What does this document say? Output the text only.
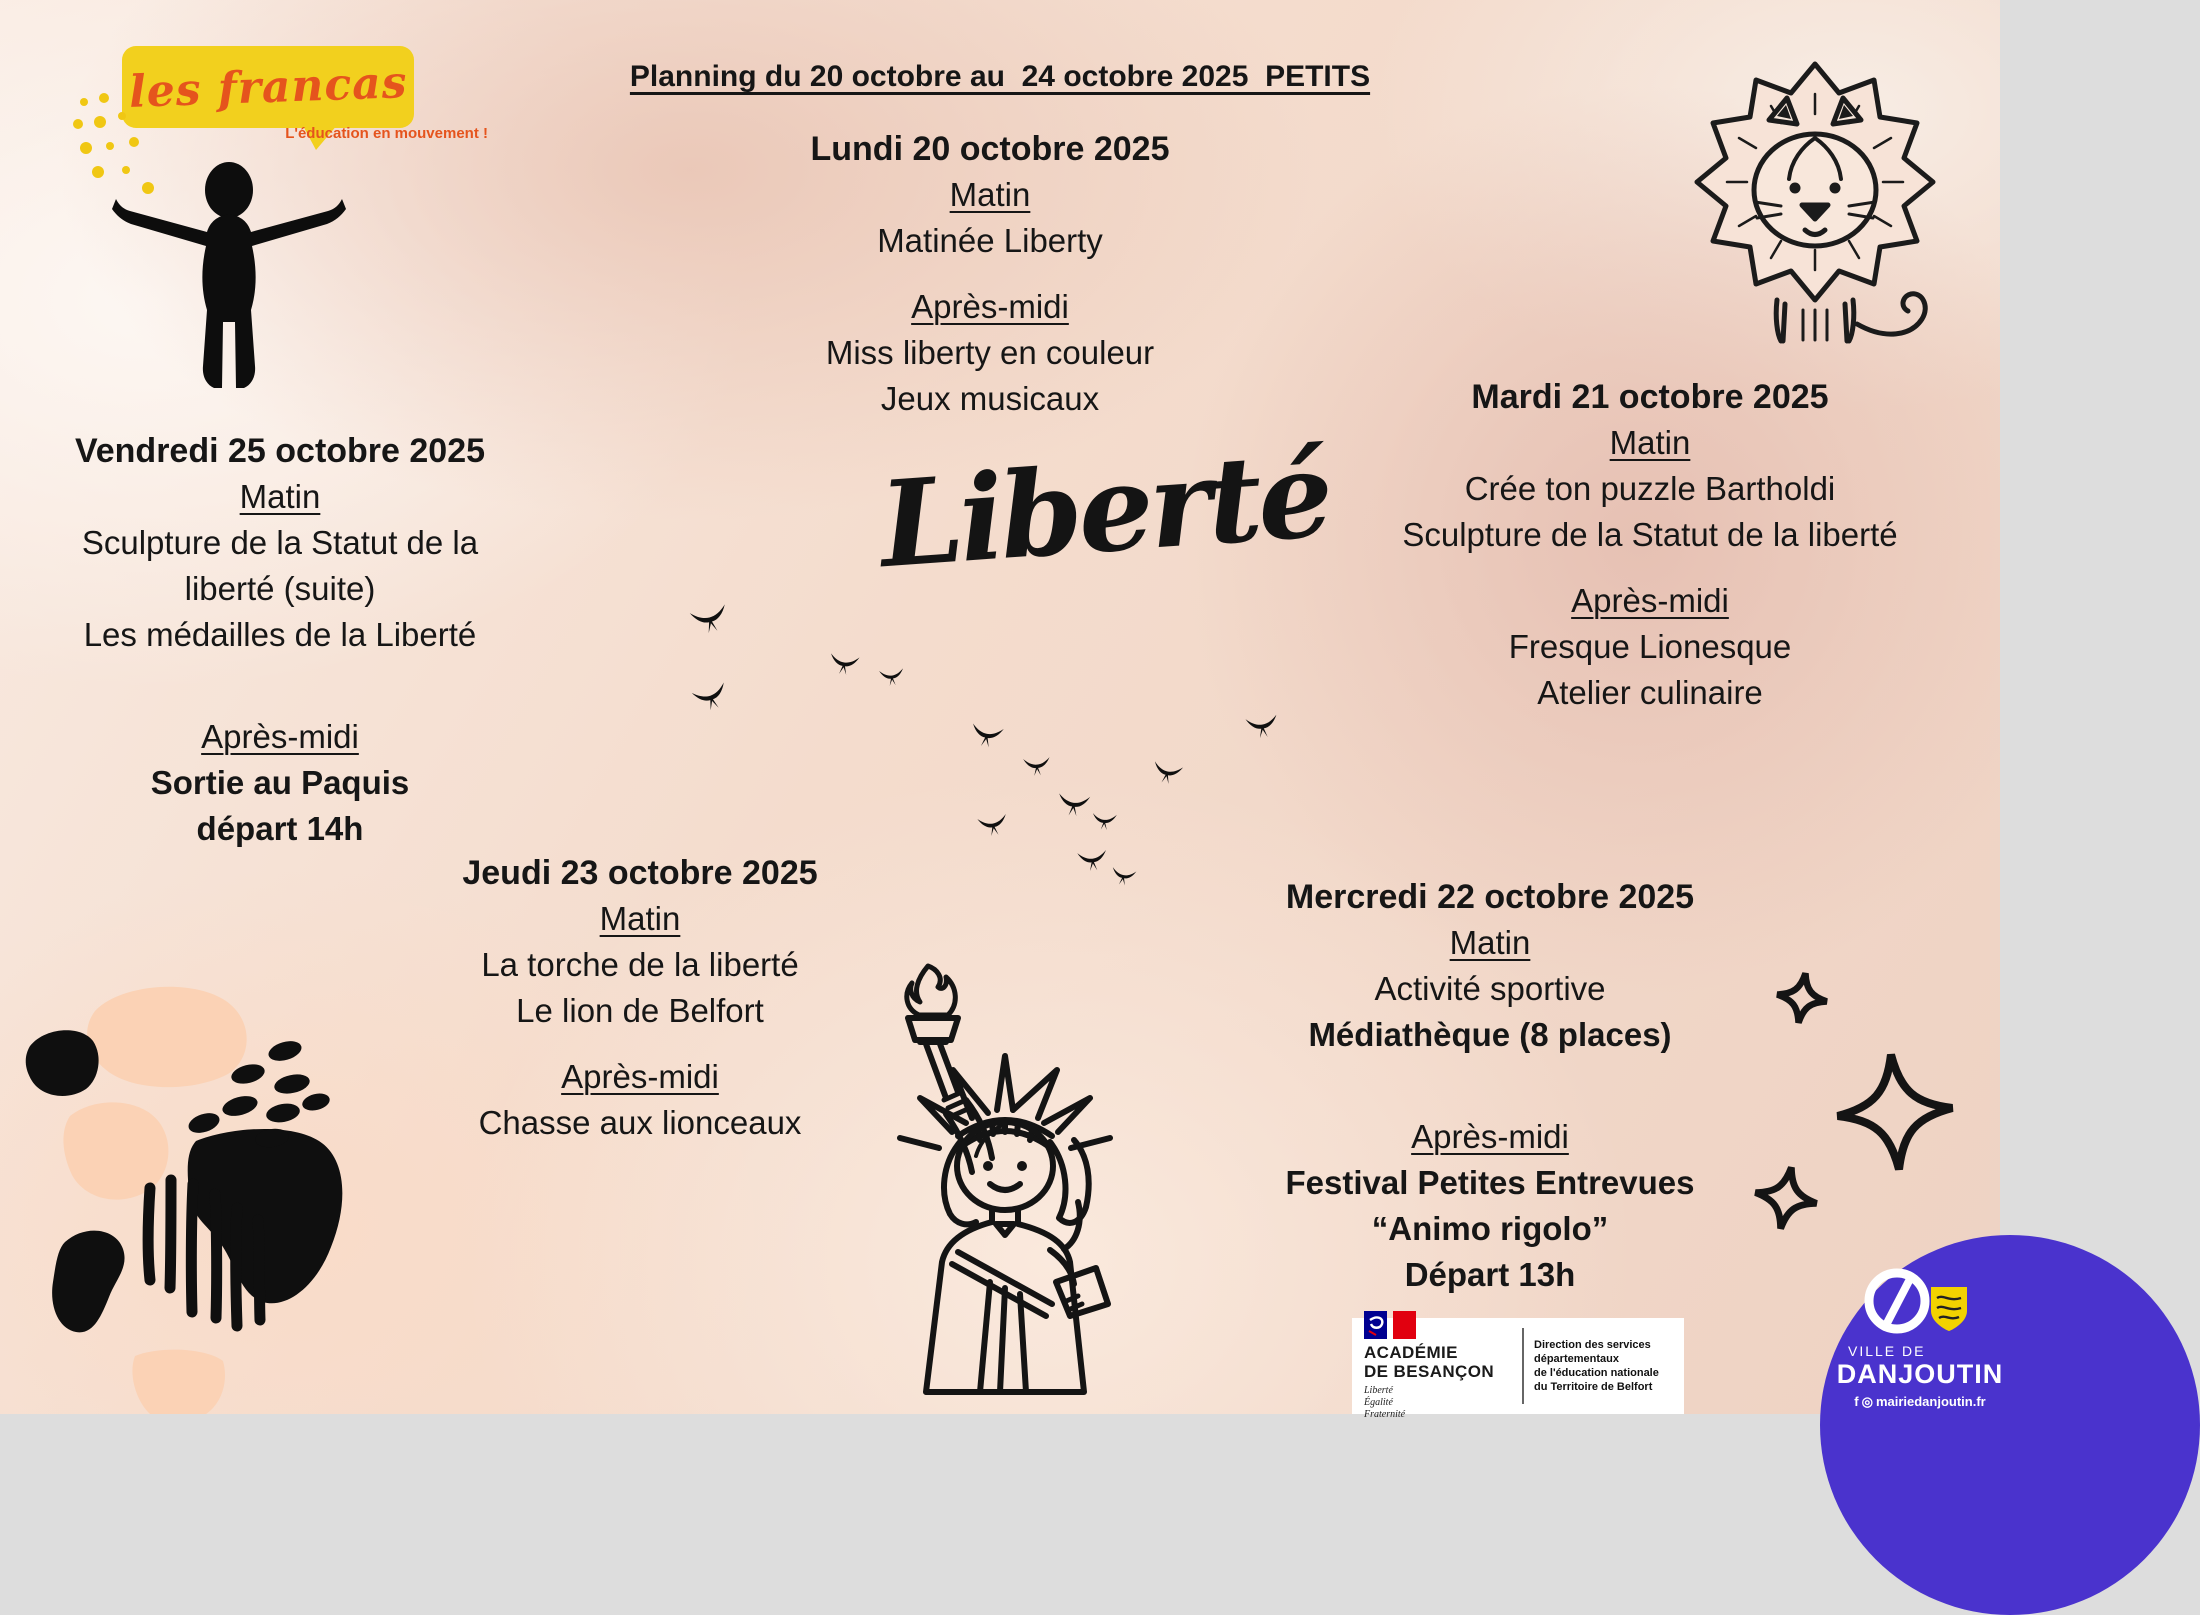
les francas
L'éducation en mouvement !
Planning du 20 octobre au  24 octobre 2025  PETITS
Lundi 20 octobre 2025
Matin
Matinée Liberty
Après-midi
Miss liberty en couleur
Jeux musicaux	Mardi 21 octobre 2025
Matin
Crée ton puzzle Bartholdi
Sculpture de la Statut de la liberté
Après-midi
Fresque Lionesque
Atelier culinaire
Vendredi 25 octobre 2025
Matin
Sculpture de la Statut de la liberté (suite)
Les médailles de la Liberté
Après-midi
Sortie au Paquis
départ 14h
Liberté
Jeudi 23 octobre 2025
Matin
La torche de la liberté
Le lion de Belfort
Après-midi
Chasse aux lionceaux
Mercredi 22 octobre 2025
Matin
Activité sportive
Médiathèque (8 places)
Après-midi
Festival Petites Entrevues
“Animo rigolo”
Départ 13h
ACADÉMIE
DE BESANÇON
Liberté
Égalité
Fraternité
Direction des services départementaux
de l'éducation nationale
du Territoire de Belfort
VILLE DE
DANJOUTIN
f ◎ mairiedanjoutin.fr
